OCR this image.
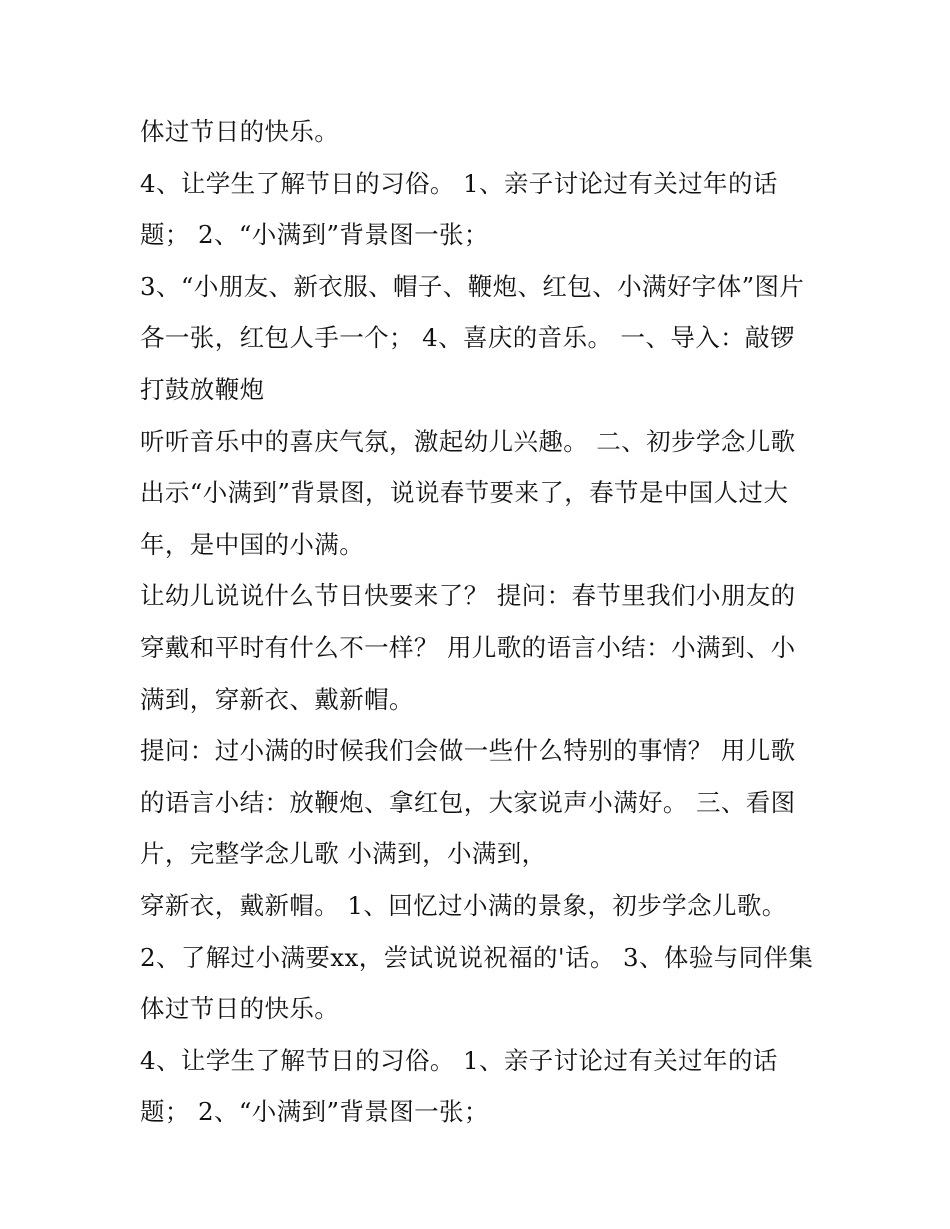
体过节日的快乐。
4、让学生了解节日的习俗。 1、亲子讨论过有关过年的话
题； 2、“小满到”背景图一张；
3、“小朋友、新衣服、帽子、鞭炮、红包、小满好字体”图片
各一张，红包人手一个； 4、喜庆的音乐。 一、导入：敲锣
打鼓放鞭炮
听听音乐中的喜庆气氛，激起幼儿兴趣。 二、初步学念儿歌
出示“小满到”背景图，说说春节要来了，春节是中国人过大
年，是中国的小满。
让幼儿说说什么节日快要来了？ 提问：春节里我们小朋友的
穿戴和平时有什么不一样？ 用儿歌的语言小结：小满到、小
满到，穿新衣、戴新帽。
提问：过小满的时候我们会做一些什么特别的事情？ 用儿歌
的语言小结：放鞭炮、拿红包，大家说声小满好。 三、看图
片，完整学念儿歌 小满到，小满到，
穿新衣，戴新帽。 1、回忆过小满的景象，初步学念儿歌。
2、了解过小满要xx，尝试说说祝福的'话。 3、体验与同伴集
体过节日的快乐。
4、让学生了解节日的习俗。 1、亲子讨论过有关过年的话
题； 2、“小满到”背景图一张；
